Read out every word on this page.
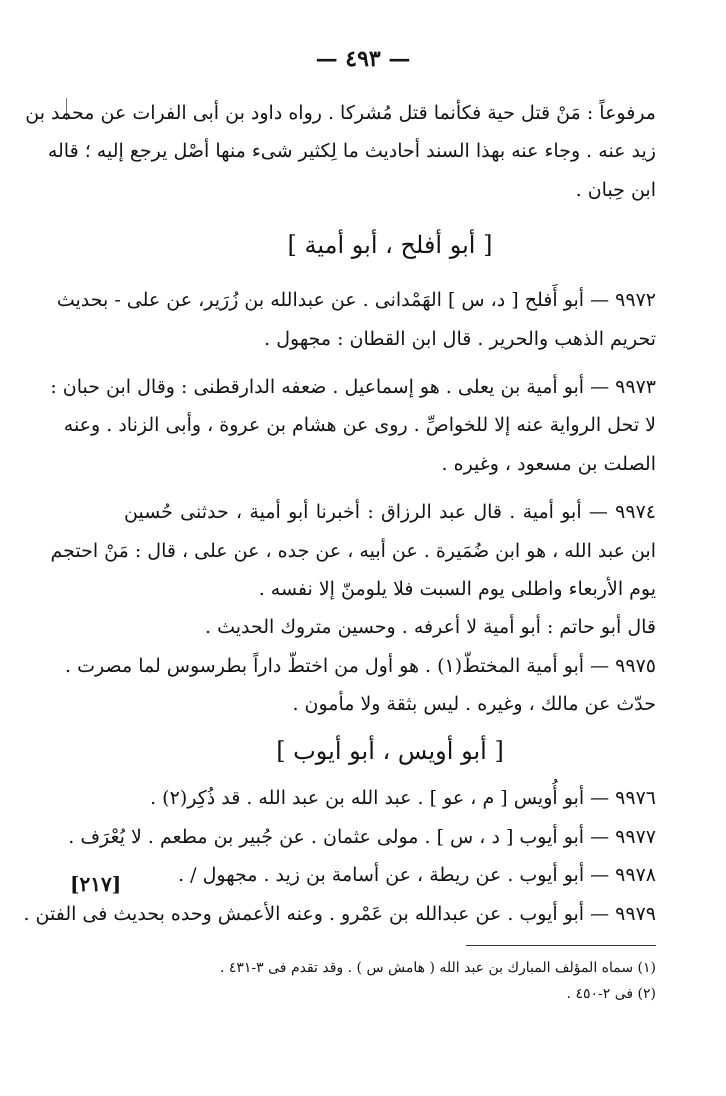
— ٤٩٣ —
مرفوعاً : مَنْ قتل حية فكأنما قتل مُشركا . رواه داود بن أبى الفرات عن محمد بن
زيد عنه . وجاء عنه بهذا السند أحاديث ما لِكثير شىء منها أصْل يرجع إليه ؛ قاله
ابن حِبان .
[ أبو أفلح ، أبو أمية ]
٩٩٧٢ — أبو أَفلح [ د، س ] الهَمْدانى . عن عبدالله بن زُرَير، عن على - بحديث
تحريم الذهب والحرير . قال ابن القطان : مجهول .
٩٩٧٣ — أبو أمية بن يعلى . هو إسماعيل . ضعفه الدارقطنى : وقال ابن حبان :
لا تحل الرواية عنه إلا للخواصِّ . روى عن هشام بن عروة ، وأبى الزناد . وعنه
الصلت بن مسعود ، وغيره .
٩٩٧٤ — أبو أمية . قال عبد الرزاق : أخبرنا أبو أمية ، حدثنى حُسين
ابن عبد الله ، هو ابن ضُمَيرة . عن أبيه ، عن جده ، عن على ، قال : مَنْ احتجم
يوم الأربعاء واطلى يوم السبت فلا يلومنّ إلا نفسه .
قال أبو حاتم : أبو أمية لا أعرفه . وحسين متروك الحديث .
٩٩٧٥ — أبو أمية المختطّ(١) . هو أول من اختطّ داراً بطرسوس لما مصرت .
حدّث عن مالك ، وغيره . ليس بثقة ولا مأمون .
[ أبو أويس ، أبو أيوب ]
٩٩٧٦ — أبو أُويس [ م ، عو ] . عبد الله بن عبد الله . قد ذُكِر(٢) .
٩٩٧٧ — أبو أيوب [ د ، س ] . مولى عثمان . عن جُبير بن مطعم . لا يُعْرَف .
٩٩٧٨ — أبو أيوب . عن ريطة ، عن أسامة بن زيد . مجهول / .
٩٩٧٩ — أبو أيوب . عن عبدالله بن عَمْرو . وعنه الأعمش وحده بحديث فى الفتن .
[٢١٧]
(١) سماه المؤلف المبارك بن عبد الله ( هامش س ) . وقد تقدم فى ٣-٤٣١ .
(٢) فى ٢-٤٥٠ .
